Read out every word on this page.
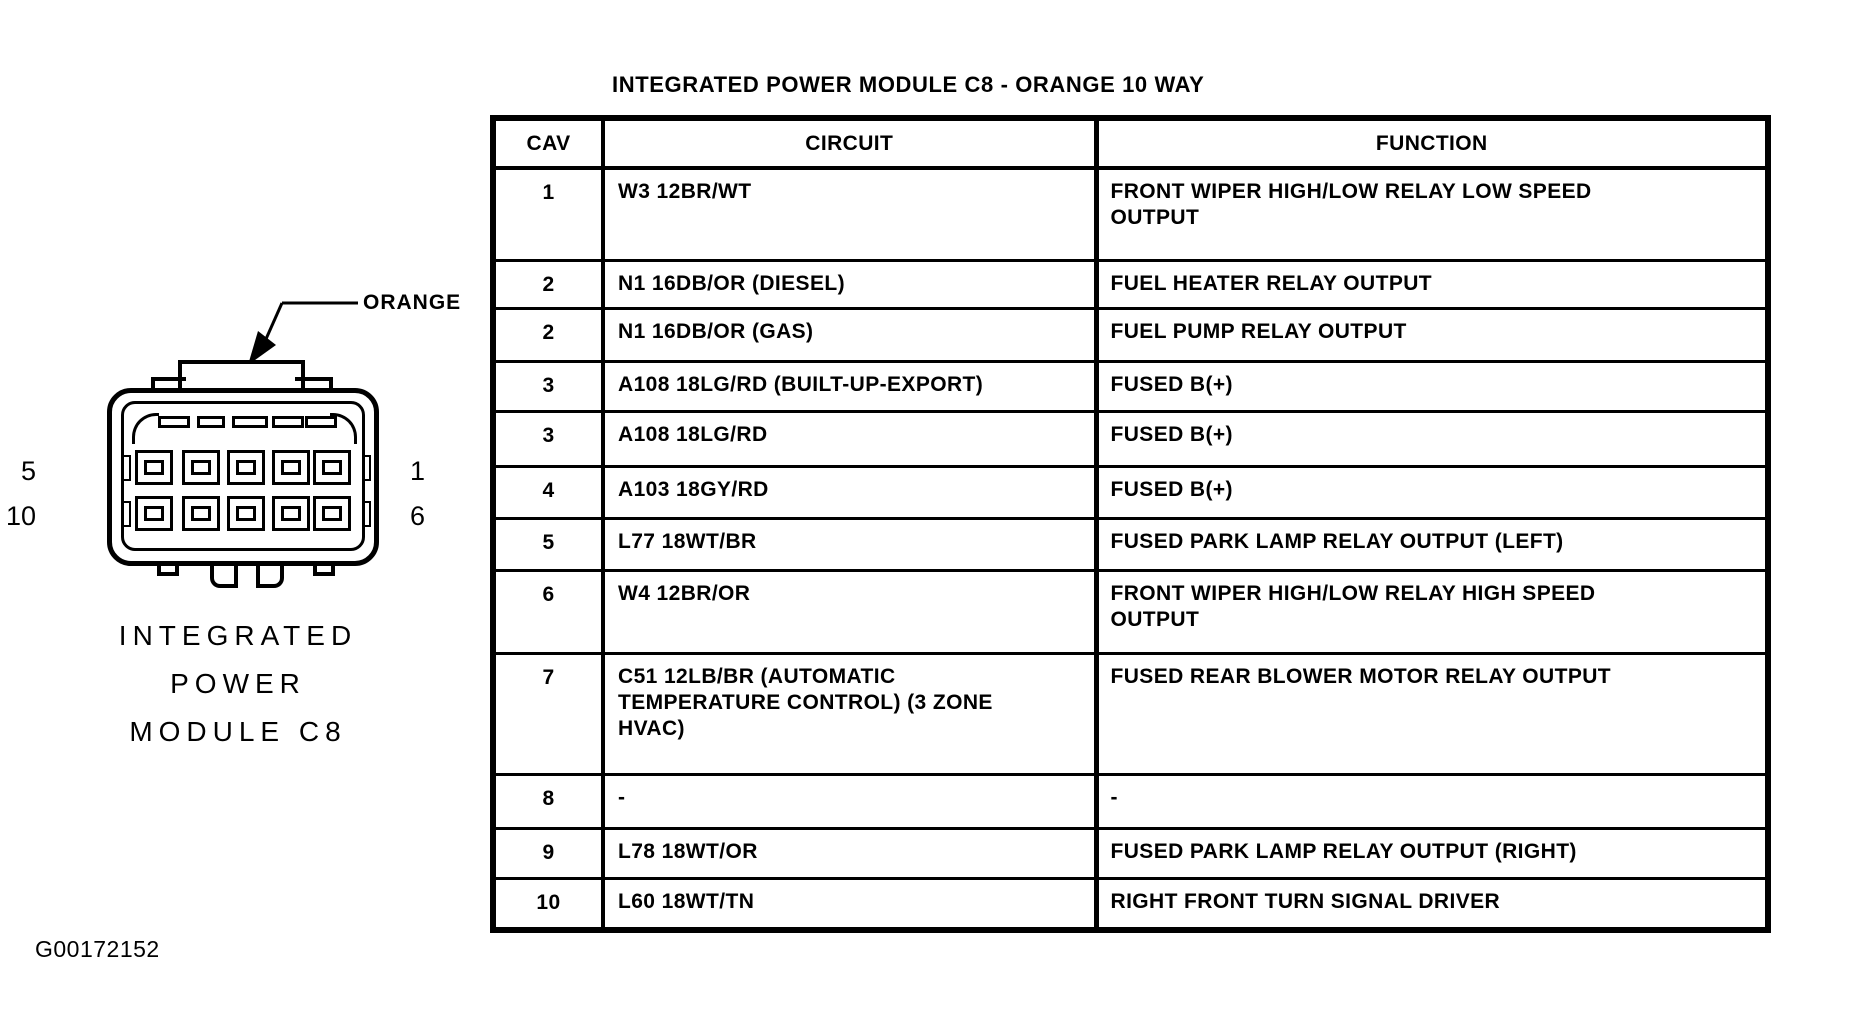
INTEGRATED POWER MODULE C8 - ORANGE 10 WAY
ORANGE
5
10
1
6
INTEGRATED
POWER
MODULE C8
CAV	CIRCUIT	FUNCTION
1	W3 12BR/WT	FRONT WIPER HIGH/LOW RELAY LOW SPEED OUTPUT
2	N1 16DB/OR (DIESEL)	FUEL HEATER RELAY OUTPUT
2	N1 16DB/OR (GAS)	FUEL PUMP RELAY OUTPUT
3	A108 18LG/RD (BUILT-UP-EXPORT)	FUSED B(+)
3	A108 18LG/RD	FUSED B(+)
4	A103 18GY/RD	FUSED B(+)
5	L77 18WT/BR	FUSED PARK LAMP RELAY OUTPUT (LEFT)
6	W4 12BR/OR	FRONT WIPER HIGH/LOW RELAY HIGH SPEED OUTPUT
7	C51 12LB/BR (AUTOMATIC TEMPERATURE CONTROL) (3 ZONE HVAC)	FUSED REAR BLOWER MOTOR RELAY OUTPUT
8	-	-
9	L78 18WT/OR	FUSED PARK LAMP RELAY OUTPUT (RIGHT)
10	L60 18WT/TN	RIGHT FRONT TURN SIGNAL DRIVER
G00172152
